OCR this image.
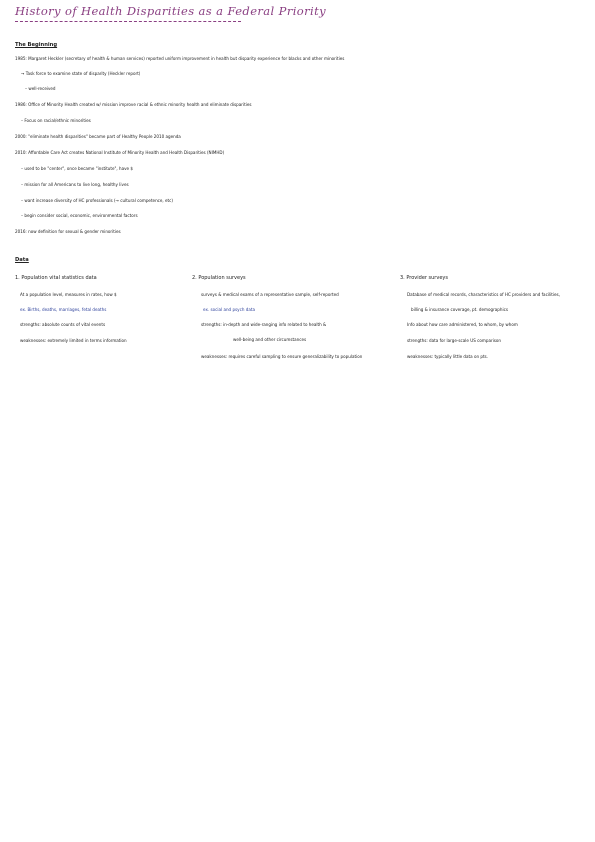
History of Health Disparities as a Federal Priority
The Beginning
1985: Margaret Heckler (secretary of health & human services) reported uniform improvement in health but disparity experience for blacks and other minorities
→ Task force to examine state of disparity (Heckler report)
– well-received
1986: Office of Minority Health created w/ mission improve racial & ethnic minority health and eliminate disparities
– Focus on racial/ethnic minorities
2000: "eliminate health disparities" became part of Healthy People 2010 agenda
2010: Affordable Care Act creates National Institute of Minority Health and Health Disparities (NIMHD)
– used to be "center", once became "institute", have $
– mission for all Americans to live long, healthy lives
– want increase diversity of HC professionals (→ cultural competence, etc)
– begin consider social, economic, environmental factors
2016: now definition for sexual & gender minorities
Data
1. Population vital statistics data
At a population level, measures in rates, how $
ex. Births, deaths, marriages, fetal deaths
strengths: absolute counts of vital events
weaknesses: extremely limited in terms information
2. Population surveys
surveys & medical exams of a representative sample, self-reported
ex. social and psych data
strengths: in-depth and wide-ranging info related to health &
well-being and other circumstances
weaknesses: requires careful sampling to ensure generalizability to population
3. Provider surveys
Database of medical records, characteristics of HC providers and facilities,
billing & insurance coverage, pt. demographics
Info about how care administered, to whom, by whom
strengths: data for large-scale US comparison
weaknesses: typically little data on pts.
